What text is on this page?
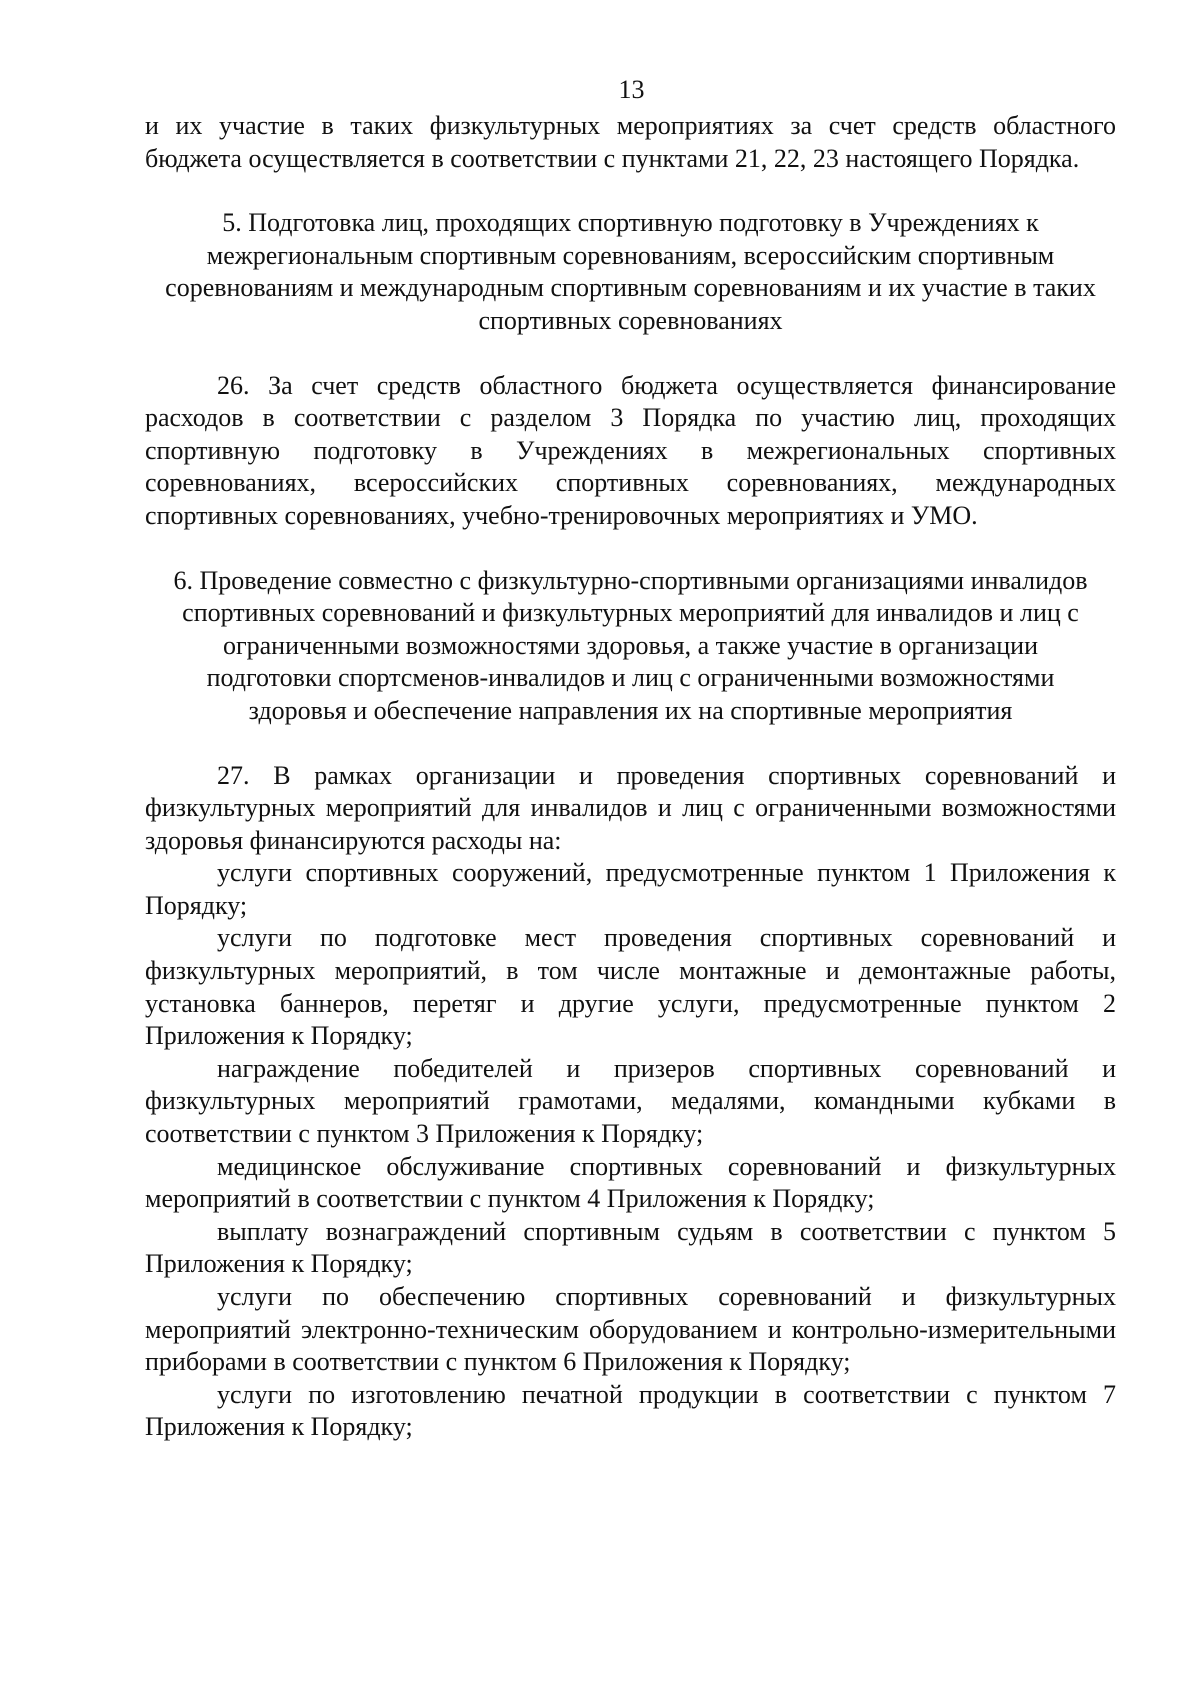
13

и их участие в таких физкультурных мероприятиях за счет средств областного бюджета осуществляется в соответствии с пунктами 21, 22, 23 настоящего Порядка.

5. Подготовка лиц, проходящих спортивную подготовку в Учреждениях к межрегиональным спортивным соревнованиям, всероссийским спортивным соревнованиям и международным спортивным соревнованиям и их участие в таких спортивных соревнованиях

26. За счет средств областного бюджета осуществляется финансирование расходов в соответствии с разделом 3 Порядка по участию лиц, проходящих спортивную подготовку в Учреждениях в межрегиональных спортивных соревнованиях, всероссийских спортивных соревнованиях, международных спортивных соревнованиях, учебно-тренировочных мероприятиях и УМО.

6. Проведение совместно с физкультурно-спортивными организациями инвалидов спортивных соревнований и физкультурных мероприятий для инвалидов и лиц с ограниченными возможностями здоровья, а также участие в организации подготовки спортсменов-инвалидов и лиц с ограниченными возможностями здоровья и обеспечение направления их на спортивные мероприятия

27. В рамках организации и проведения спортивных соревнований и физкультурных мероприятий для инвалидов и лиц с ограниченными возможностями здоровья финансируются расходы на:

услуги спортивных сооружений, предусмотренные пунктом 1 Приложения к Порядку;

услуги по подготовке мест проведения спортивных соревнований и физкультурных мероприятий, в том числе монтажные и демонтажные работы, установка баннеров, перетяг и другие услуги, предусмотренные пунктом 2 Приложения к Порядку;

награждение победителей и призеров спортивных соревнований и физкультурных мероприятий грамотами, медалями, командными кубками в соответствии с пунктом 3 Приложения к Порядку;

медицинское обслуживание спортивных соревнований и физкультурных мероприятий в соответствии с пунктом 4 Приложения к Порядку;

выплату вознаграждений спортивным судьям в соответствии с пунктом 5 Приложения к Порядку;

услуги по обеспечению спортивных соревнований и физкультурных мероприятий электронно-техническим оборудованием и контрольно-измерительными приборами в соответствии с пунктом 6 Приложения к Порядку;

услуги по изготовлению печатной продукции в соответствии с пунктом 7 Приложения к Порядку;
